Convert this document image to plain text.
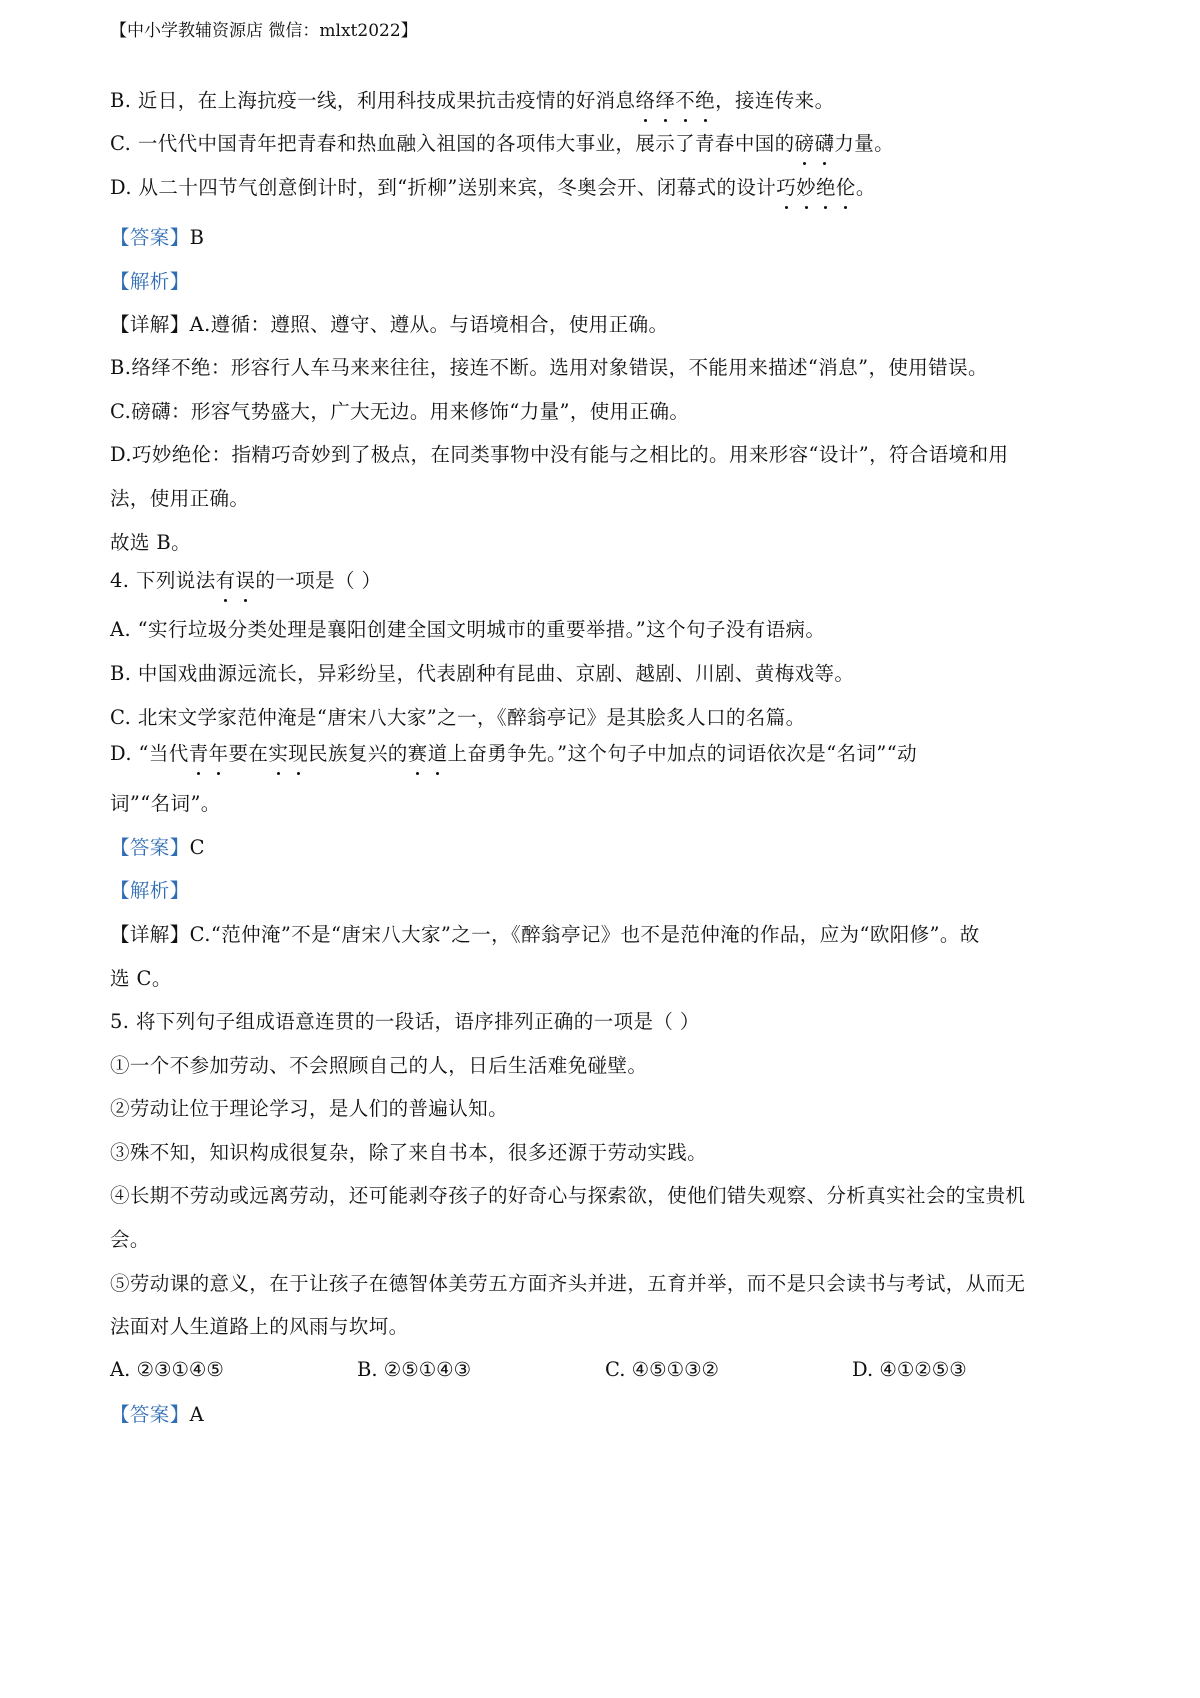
【中小学教辅资源店 微信：mlxt2022】
B. 近日，在上海抗疫一线，利用科技成果抗击疫情的好消息络绎不绝，接连传来。
C. 一代代中国青年把青春和热血融入祖国的各项伟大事业，展示了青春中国的磅礴力量。
D. 从二十四节气创意倒计时，到“折柳”送别来宾，冬奥会开、闭幕式的设计巧妙绝伦。
【答案】B
【解析】
【详解】A.遵循：遵照、遵守、遵从。与语境相合，使用正确。
B.络绎不绝：形容行人车马来来往往，接连不断。选用对象错误，不能用来描述“消息”，使用错误。
C.磅礴：形容气势盛大，广大无边。用来修饰“力量”，使用正确。
D.巧妙绝伦：指精巧奇妙到了极点，在同类事物中没有能与之相比的。用来形容“设计”，符合语境和用
法，使用正确。
故选 B。
4. 下列说法有误的一项是（ ）
A. “实行垃圾分类处理是襄阳创建全国文明城市的重要举措。”这个句子没有语病。
B. 中国戏曲源远流长，异彩纷呈，代表剧种有昆曲、京剧、越剧、川剧、黄梅戏等。
C. 北宋文学家范仲淹是“唐宋八大家”之一，《醉翁亭记》是其脍炙人口的名篇。
D. “当代青年要在实现民族复兴的赛道上奋勇争先。”这个句子中加点的词语依次是“名词”“动
词”“名词”。
【答案】C
【解析】
【详解】C.“范仲淹”不是“唐宋八大家”之一，《醉翁亭记》也不是范仲淹的作品，应为“欧阳修”。故
选 C。
5. 将下列句子组成语意连贯的一段话，语序排列正确的一项是（ ）
①一个不参加劳动、不会照顾自己的人，日后生活难免碰壁。
②劳动让位于理论学习，是人们的普遍认知。
③殊不知，知识构成很复杂，除了来自书本，很多还源于劳动实践。
④长期不劳动或远离劳动，还可能剥夺孩子的好奇心与探索欲，使他们错失观察、分析真实社会的宝贵机
会。
⑤劳动课的意义，在于让孩子在德智体美劳五方面齐头并进，五育并举，而不是只会读书与考试，从而无
法面对人生道路上的风雨与坎坷。
A. ②③①④⑤	B. ②⑤①④③	C. ④⑤①③②	D. ④①②⑤③
【答案】A
